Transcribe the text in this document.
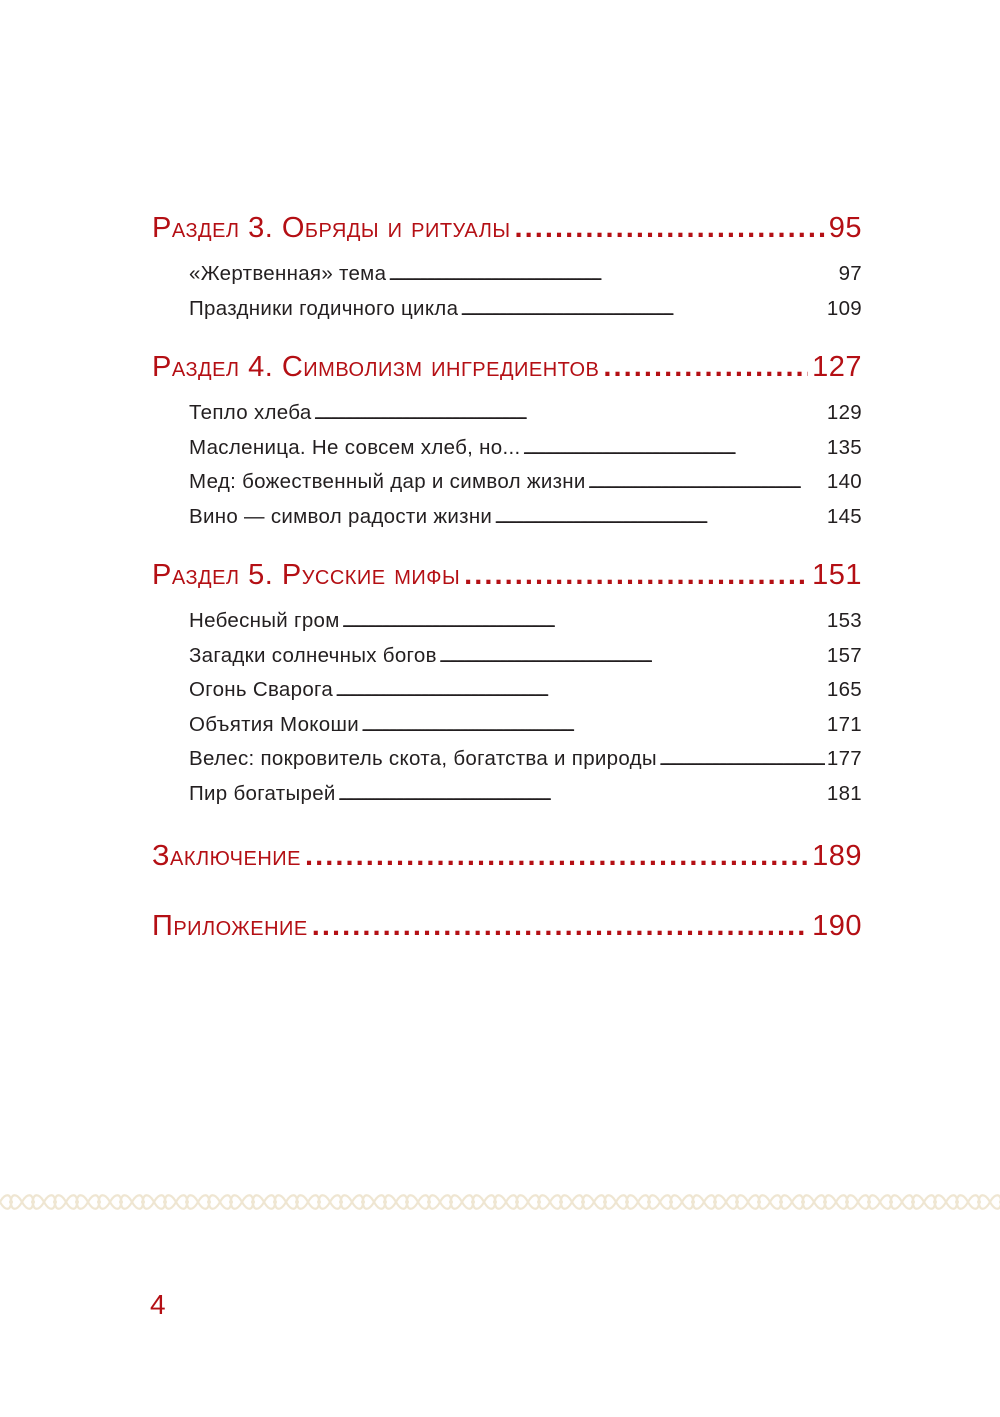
Раздел 3. Обряды и ритуалы . . .	95
«Жертвенная» тема . . .	97
Праздники годичного цикла . . .	109
Раздел 4. Символизм ингредиентов . . .	127
Тепло хлеба . . .	129
Масленица. Не совсем хлеб, но... . . .	135
Мед: божественный дар и символ жизни . . .	140
Вино — символ радости жизни . . .	145
Раздел 5. Русские мифы . . .	151
Небесный гром . . .	153
Загадки солнечных богов . . .	157
Огонь Сварога . . .	165
Объятия Мокоши . . .	171
Велес: покровитель скота, богатства и природы . . .	177
Пир богатырей . . .	181
Заключение . . .	189
Приложение . . .	190
4
